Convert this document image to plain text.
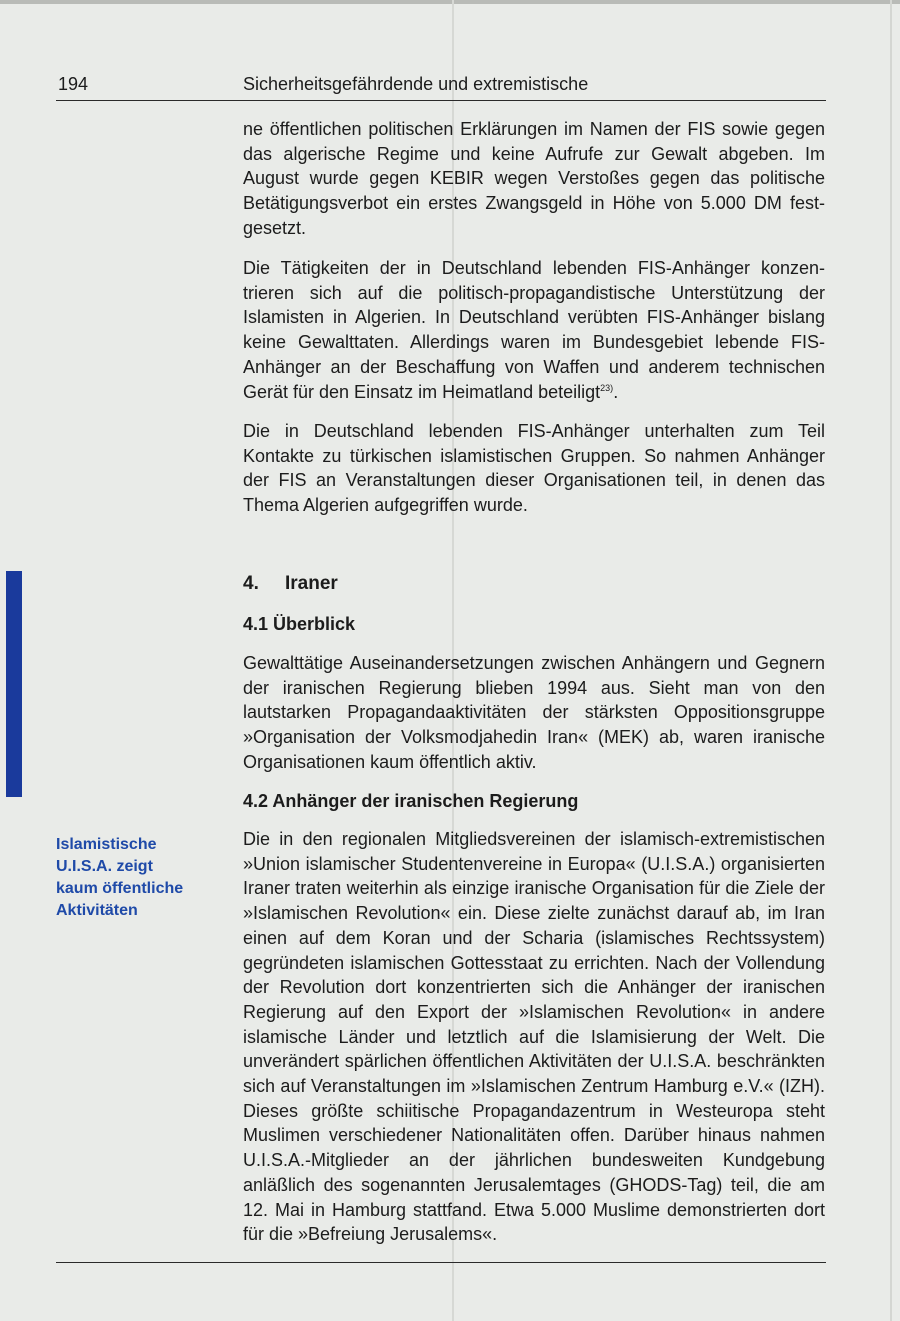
194	Sicherheitsgefährdende und extremistische

ne öffentlichen politischen Erklärungen im Namen der FIS sowie gegen das algerische Regime und keine Aufrufe zur Gewalt abgeben. Im August wurde gegen KEBIR wegen Verstoßes gegen das politische Betätigungsverbot ein erstes Zwangsgeld in Höhe von 5.000 DM festgesetzt.

Die Tätigkeiten der in Deutschland lebenden FIS-Anhänger konzentrieren sich auf die politisch-propagandistische Unterstützung der Islamisten in Algerien. In Deutschland verübten FIS-Anhänger bislang keine Gewalttaten. Allerdings waren im Bundesgebiet lebende FIS-Anhänger an der Beschaffung von Waffen und anderem technischen Gerät für den Einsatz im Heimatland beteiligt$^{23)}$.

Die in Deutschland lebenden FIS-Anhänger unterhalten zum Teil Kontakte zu türkischen islamistischen Gruppen. So nahmen Anhänger der FIS an Veranstaltungen dieser Organisationen teil, in denen das Thema Algerien aufgegriffen wurde.

4. Iraner
4.1 Überblick

Gewalttätige Auseinandersetzungen zwischen Anhängern und Gegnern der iranischen Regierung blieben 1994 aus. Sieht man von den lautstarken Propagandaaktivitäten der stärksten Oppositionsgruppe »Organisation der Volksmodjahedin Iran« (MEK) ab, waren iranische Organisationen kaum öffentlich aktiv.

4.2 Anhänger der iranischen Regierung

Die in den regionalen Mitgliedsvereinen der islamisch-extremistischen »Union islamischer Studentenvereine in Europa« (U.I.S.A.) organisierten Iraner traten weiterhin als einzige iranische Organisation für die Ziele der »Islamischen Revolution« ein. Diese zielte zunächst darauf ab, im Iran einen auf dem Koran und der Scharia (islamisches Rechtssystem) gegründeten islamischen Gottesstaat zu errichten. Nach der Vollendung der Revolution dort konzentrierten sich die Anhänger der iranischen Regierung auf den Export der »Islamischen Revolution« in andere islamische Länder und letztlich auf die Islamisierung der Welt. Die unverändert spärlichen öffentlichen Aktivitäten der U.I.S.A. beschränkten sich auf Veranstaltungen im »Islamischen Zentrum Hamburg e.V.« (IZH). Dieses größte schiitische Propagandazentrum in Westeuropa steht Muslimen verschiedener Nationalitäten offen. Darüber hinaus nahmen U.I.S.A.-Mitglieder an der jährlichen bundesweiten Kundgebung anläßlich des sogenannten Jerusalemtages (GHODS-Tag) teil, die am 12. Mai in Hamburg stattfand. Etwa 5.000 Muslime demonstrierten dort für die »Befreiung Jerusalems«.

Islamistische
U.I.S.A. zeigt
kaum öffentliche
Aktivitäten
